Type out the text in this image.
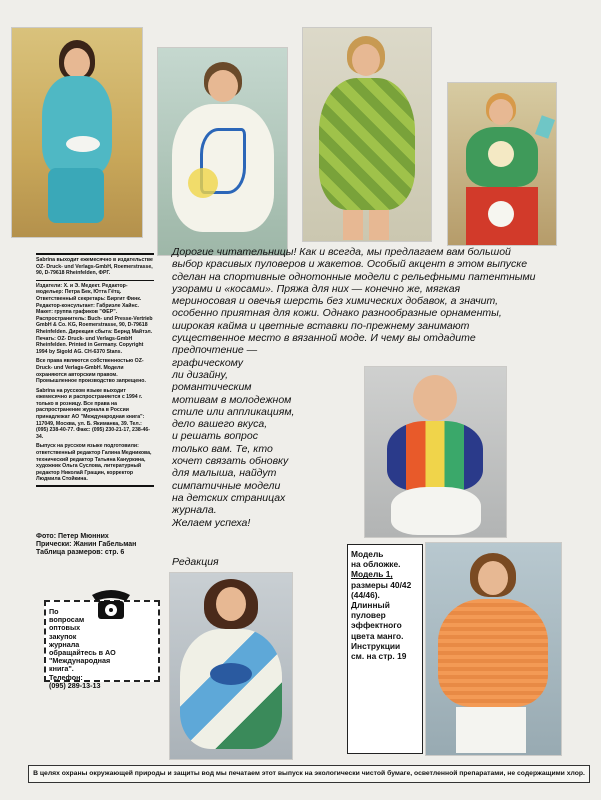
Sabrina выходит ежемесячно в издательстве OZ- Druck- und Verlags-GmbH, Roemerstrasse, 90, D-79618 Rheinfelden, ФРГ.

Издатели: Х. и Э. Медект. Редактор-модельер: Петра Бек, Ютта Гётц. Ответственный секретарь: Биргит Финк. Редактор-консультант: Габриэле Хайнс. Макет: группа графиков "ФЕР". Распространитель: Buch- und Presse-Vertrieb GmbH & Co. KG, Roemerstrasse, 90, D-79618 Rheinfelden. Дирекция сбыта: Бернд Майтэл. Печать: OZ- Druck- und Verlags-GmbH Rheinfelden. Printed in Germany. Copyright 1994 by Sigold AG. CH-6370 Stans.

Все права являются собственностью OZ- Druck- und Verlags-GmbH. Модели охраняются авторским правом. Промышленное производство запрещено.

Sabrina на русском языке выходит ежемесячно и распространяется с 1994 г. только в розницу. Все права на распространение журнала в России принадлежат АО "Международная книга": 117049, Москва, ул. Б. Якиманка, 39. Тел.: (095) 238-40-77. Факс: (095) 230-21-17, 238-46-34.

Выпуск на русском языке подготовили: ответственный редактор Галина Медникова, технический редактор Татьяна Кануркина, художник Ольга Суслова, литературный редактор Николай Гращин, корректор Людмила Стойкина.

Фото: Петер Мюнних
Прически: Жанин Габельман
Таблица размеров: стр. 6
Дорогие читательницы! Как и всегда, мы предлагаем вам большой
выбор красивых пуловеров и жакетов. Особый акцент в этом выпуске
сделан на спортивные однотонные модели с рельефными патентными
узорами и «косами». Пряжа для них — конечно же, мягкая
мериносовая и овечья шерсть без химических добавок, а значит,
особенно приятная для кожи. Однако разнообразные орнаменты,
широкая кайма и цветные вставки по-прежнему занимают
существенное место в вязанной моде. И чему вы отдадите
предпочтение —
графическому
ли дизайну,
романтическим
мотивам в молодежном
стиле или аппликациям,
дело вашего вкуса,
и решать вопрос
только вам. Те, кто
хочет связать обновку
для малыша, найдут
симпатичные модели
на детских страницах
журнала.
Желаем успеха!
Редакция
Модель
на обложке.
Модель 1,
размеры 40/42
(44/46).
Длинный
пуловер
эффектного
цвета манго.
Инструкции
см. на стр. 19
По
вопросам
оптовых
закупок
журнала
обращайтесь в АО
"Международная
книга".
Телефон:
(095) 289-13-13
В целях охраны окружающей природы и защиты вод мы печатаем этот выпуск на экологически чистой бумаге, осветленной препаратами, не содержащими хлор.
